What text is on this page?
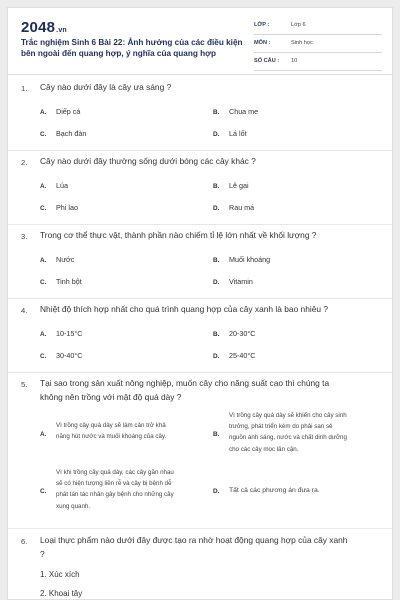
2048.vn
Trắc nghiệm Sinh 6 Bài 22: Ảnh hưởng của các điều kiện bên ngoài đến quang hợp, ý nghĩa của quang hợp
LỚP :	Lớp 6
MÔN :	Sinh học
SỐ CÂU : 10
1. Cây nào dưới đây là cây ưa sáng ?
A. Diếp cá	B. Chua me
C. Bạch đàn	D. Lá lốt
2. Cây nào dưới đây thường sống dưới bóng các cây khác ?
A. Lúa	B. Lê gai
C. Phi lao	D. Rau má
3. Trong cơ thể thực vật, thành phần nào chiếm tỉ lệ lớn nhất về khối lượng ?
A. Nước	B. Muối khoáng
C. Tinh bột	D. Vitamin
4. Nhiệt độ thích hợp nhất cho quá trình quang hợp của cây xanh là bao nhiêu ?
A. 10-15°C	B. 20-30°C
C. 30-40°C	D. 25-40°C
5. Tại sao trong sản xuất nông nghiệp, muốn cây cho năng suất cao thì chúng ta
không nên trồng với mật độ quá dày ?
A.
Vì trồng cây quá dày sẽ làm cản trở khả
năng hút nước và muối khoáng của cây.	B.
Vì trồng cây quá dày sẽ khiến cho cây sinh
trưởng, phát triển kém do phải san sẻ
nguồn ánh sáng, nước và chất dinh dưỡng
cho các cây mọc lân cận.
C.
Vì khi trồng cây quá dày, các cây gần nhau
sẽ có hiện tượng liền rễ và cây bị bệnh dễ
phát tán tác nhân gây bệnh cho những cây
xung quanh.
D. Tất cả các phương án đưa ra.
6. Loại thực phẩm nào dưới đây được tạo ra nhờ hoạt động quang hợp của cây xanh
?
1. Xúc xích
2. Khoai tây
